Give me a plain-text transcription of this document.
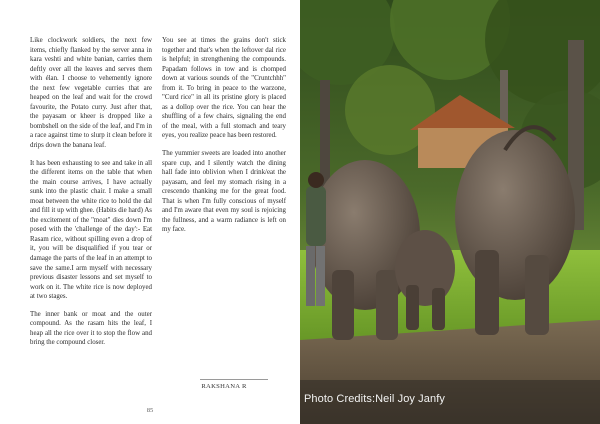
Like clockwork soldiers, the next few items, chiefly flanked by the server anna in kara veshti and white banian, carries them deftly over all the leaves and serves them with élan. I choose to vehemently ignore the next few vegetable curries that are heaped on the leaf and wait for the crowd favourite, the Potato curry. Just after that, the payasam or kheer is dropped like a bombshell on the side of the leaf, and I'm in a race against time to slurp it clean before it drips down the banana leaf.

It has been exhausting to see and take in all the different items on the table that when the main course arrives, I have actually sunk into the plastic chair. I make a small moat between the white rice to hold the dal and fill it up with ghee. (Habits die hard) As the excitement of the "moat" dies down I'm posed with the 'challenge of the day':- Eat Rasam rice, without spilling even a drop of it, you will be disqualified if you tear or damage the parts of the leaf in an attempt to save the same.I arm myself with necessary previous disaster lessons and set myself to work on it. The white rice is now deployed at two stages.

The inner bank or moat and the outer compound. As the rasam hits the leaf, I heap all the rice over it to stop the flow and bring the compound closer.

You see at times the grains don't stick together and that's when the leftover dal rice is helpful; in strengthening the compounds. Papadam follows in tow and is chomped down at various sounds of the "Cruntchhh" from it. To bring in peace to the warzone, "Curd rice" in all its pristine glory is placed as a dollop over the rice. You can hear the shuffling of a few chairs, signaling the end of the meal, with a full stomach and teary eyes, you realize peace has been restored.

The yummier sweets are loaded into another spare cup, and I silently watch the dining hall fade into oblivion when I drink/eat the payasam, and feel my stomach rising in a crescendo thanking me for the great food. That is when I'm fully conscious of myself and I'm aware that even my soul is rejoicing the fullness, and a warm radiance is left on my face.

RAKSHANA R
85
Photo Credits:Neil Joy Janfy
